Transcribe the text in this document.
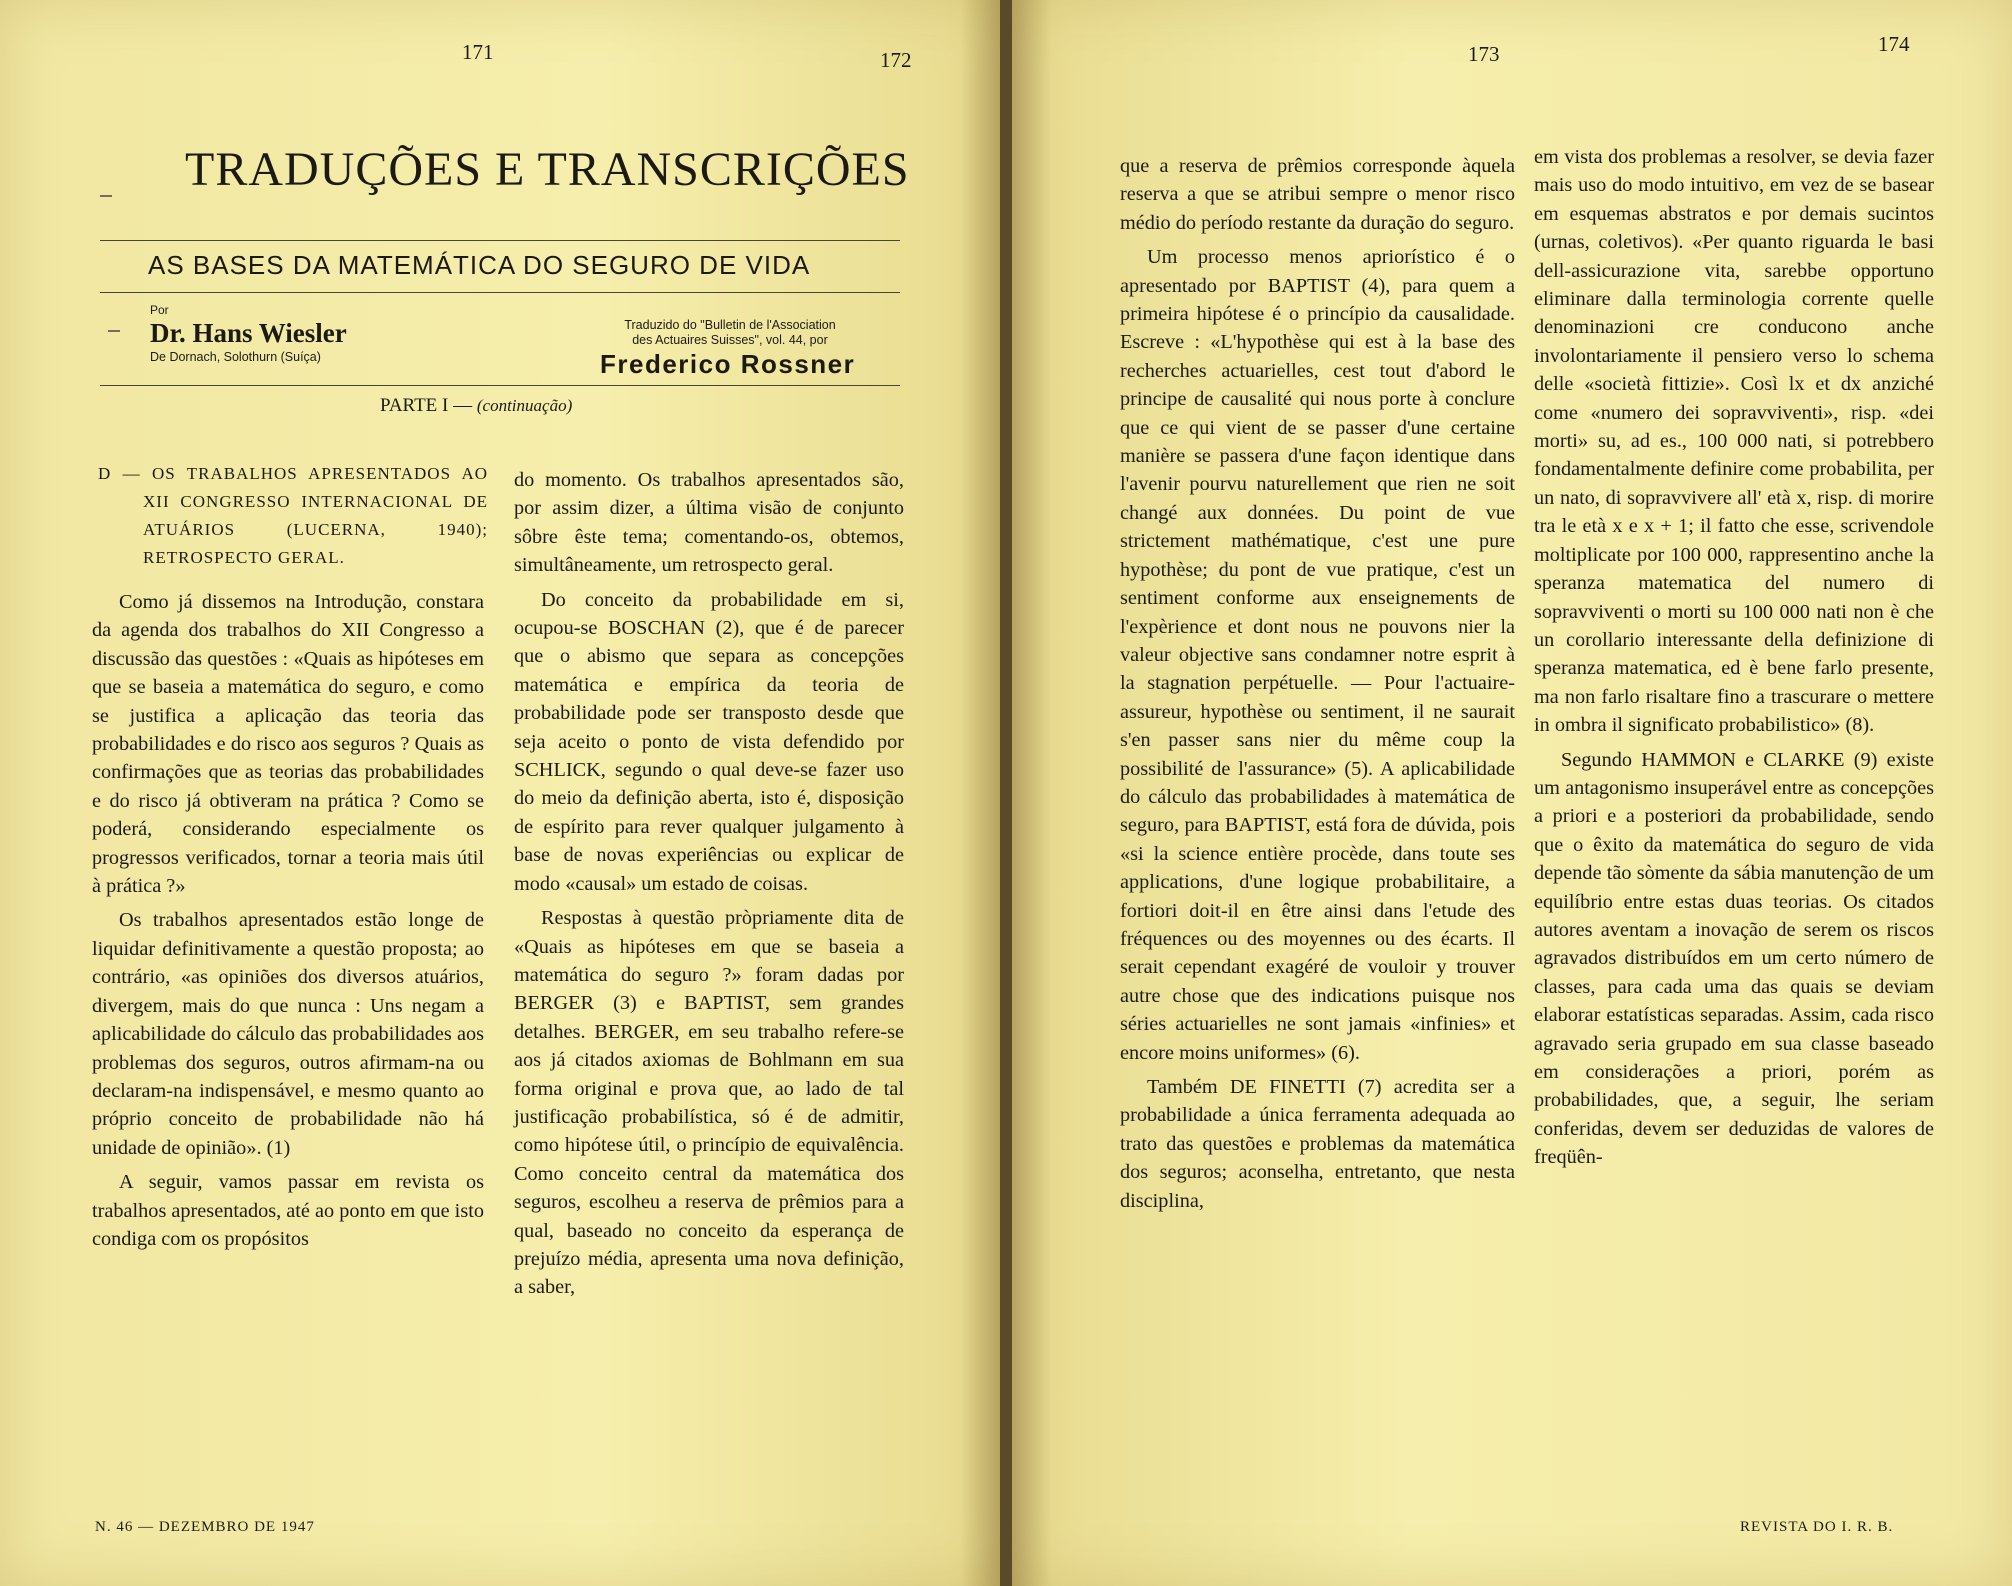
171	172
TRADUÇÕES E TRANSCRIÇÕES
AS BASES DA MATEMÁTICA DO SEGURO DE VIDA
Por
Dr. Hans Wiesler
De Dornach, Solothurn (Suíça)
Traduzido do "Bulletin de l'Association
des Actuaires Suisses", vol. 44, por
Frederico Rossner
PARTE I — (continuação)
D — OS TRABALHOS APRESENTADOS AO XII CONGRESSO INTERNACIONAL DE ATUÁRIOS (LUCERNA, 1940); RETROSPECTO GERAL.

Como já dissemos na Introdução, constara da agenda dos trabalhos do XII Congresso a discussão das questões : «Quais as hipóteses em que se baseia a matemática do seguro, e como se justifica a aplicação das teoria das probabilidades e do risco aos seguros ? Quais as confirmações que as teorias das probabilidades e do risco já obtiveram na prática ? Como se poderá, considerando especialmente os progressos verificados, tornar a teoria mais útil à prática ?»

Os trabalhos apresentados estão longe de liquidar definitivamente a questão proposta; ao contrário, «as opiniões dos diversos atuários, divergem, mais do que nunca : Uns negam a aplicabilidade do cálculo das probabilidades aos problemas dos seguros, outros afirmam-na ou declaram-na indispensável, e mesmo quanto ao próprio conceito de probabilidade não há unidade de opinião». (1)

A seguir, vamos passar em revista os trabalhos apresentados, até ao ponto em que isto condiga com os propósitos

do momento. Os trabalhos apresentados são, por assim dizer, a última visão de conjunto sôbre êste tema; comentando-os, obtemos, simultâneamente, um retrospecto geral.

Do conceito da probabilidade em si, ocupou-se BOSCHAN (2), que é de parecer que o abismo que separa as concepções matemática e empírica da teoria de probabilidade pode ser transposto desde que seja aceito o ponto de vista defendido por SCHLICK, segundo o qual deve-se fazer uso do meio da definição aberta, isto é, disposição de espírito para rever qualquer julgamento à base de novas experiências ou explicar de modo «causal» um estado de coisas.

Respostas à questão pròpriamente dita de «Quais as hipóteses em que se baseia a matemática do seguro ?» foram dadas por BERGER (3) e BAPTIST, sem grandes detalhes. BERGER, em seu trabalho refere-se aos já citados axiomas de Bohlmann em sua forma original e prova que, ao lado de tal justificação probabilística, só é de admitir, como hipótese útil, o princípio de equivalência. Como conceito central da matemática dos seguros, escolheu a reserva de prêmios para a qual, baseado no conceito da esperança de prejuízo média, apresenta uma nova definição, a saber,

N. 46 — DEZEMBRO DE 1947
173	174

que a reserva de prêmios corresponde àquela reserva a que se atribui sempre o menor risco médio do período restante da duração do seguro.

Um processo menos apriorístico é o apresentado por BAPTIST (4), para quem a primeira hipótese é o princípio da causalidade. Escreve : «L'hypothèse qui est à la base des recherches actuarielles, cest tout d'abord le principe de causalité qui nous porte à conclure que ce qui vient de se passer d'une certaine manière se passera d'une façon identique dans l'avenir pourvu naturellement que rien ne soit changé aux données. Du point de vue strictement mathématique, c'est une pure hypothèse; du pont de vue pratique, c'est un sentiment conforme aux enseignements de l'expèrience et dont nous ne pouvons nier la valeur objective sans condamner notre esprit à la stagnation perpétuelle. — Pour l'actuaire-assureur, hypothèse ou sentiment, il ne saurait s'en passer sans nier du même coup la possibilité de l'assurance» (5). A aplicabilidade do cálculo das probabilidades à matemática de seguro, para BAPTIST, está fora de dúvida, pois «si la science entière procède, dans toute ses applications, d'une logique probabilitaire, a fortiori doit-il en être ainsi dans l'etude des fréquences ou des moyennes ou des écarts. Il serait cependant exagéré de vouloir y trouver autre chose que des indications puisque nos séries actuarielles ne sont jamais «infinies» et encore moins uniformes» (6).

Também DE FINETTI (7) acredita ser a probabilidade a única ferramenta adequada ao trato das questões e problemas da matemática dos seguros; aconselha, entretanto, que nesta disciplina,

em vista dos problemas a resolver, se devia fazer mais uso do modo intuitivo, em vez de se basear em esquemas abstratos e por demais sucintos (urnas, coletivos). «Per quanto riguarda le basi dell-assicurazione vita, sarebbe opportuno eliminare dalla terminologia corrente quelle denominazioni cre conducono anche involontariamente il pensiero verso lo schema delle «società fittizie». Così lx et dx anziché come «numero dei sopravviventi», risp. «dei morti» su, ad es., 100 000 nati, si potrebbero fondamentalmente definire come probabilita, per un nato, di sopravvivere all' età x, risp. di morire tra le età x e x + 1; il fatto che esse, scrivendole moltiplicate por 100 000, rappresentino anche la speranza matematica del numero di sopravviventi o morti su 100 000 nati non è che un corollario interessante della definizione di speranza matematica, ed è bene farlo presente, ma non farlo risaltare fino a trascurare o mettere in ombra il significato probabilistico» (8).

Segundo HAMMON e CLARKE (9) existe um antagonismo insuperável entre as concepções a priori e a posteriori da probabilidade, sendo que o êxito da matemática do seguro de vida depende tão sòmente da sábia manutenção de um equilíbrio entre estas duas teorias. Os citados autores aventam a inovação de serem os riscos agravados distribuídos em um certo número de classes, para cada uma das quais se deviam elaborar estatísticas separadas. Assim, cada risco agravado seria grupado em sua classe baseado em considerações a priori, porém as probabilidades, que, a seguir, lhe seriam conferidas, devem ser deduzidas de valores de freqüên-

REVISTA DO I. R. B.
